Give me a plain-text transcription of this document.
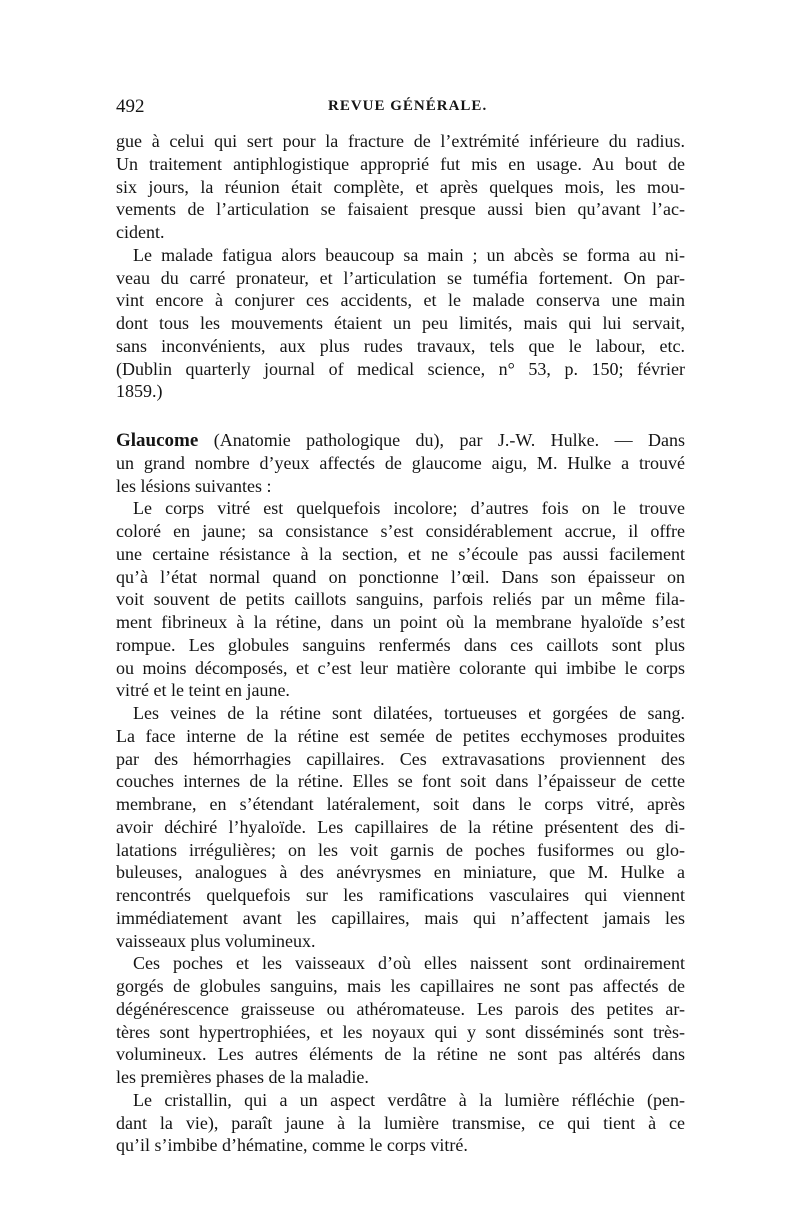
492	REVUE GÉNÉRALE.
gue à celui qui sert pour la fracture de l’extrémité inférieure du radius.
Un traitement antiphlogistique approprié fut mis en usage. Au bout de
six jours, la réunion était complète, et après quelques mois, les mou-
vements de l’articulation se faisaient presque aussi bien qu’avant l’ac-
cident.
Le malade fatigua alors beaucoup sa main ; un abcès se forma au ni-
veau du carré pronateur, et l’articulation se tuméfia fortement. On par-
vint encore à conjurer ces accidents, et le malade conserva une main
dont tous les mouvements étaient un peu limités, mais qui lui servait,
sans inconvénients, aux plus rudes travaux, tels que le labour, etc.
(Dublin quarterly journal of medical science, n° 53, p. 150; février
1859.)
Glaucome (Anatomie pathologique du), par J.-W. Hulke. — Dans
un grand nombre d’yeux affectés de glaucome aigu, M. Hulke a trouvé
les lésions suivantes :
Le corps vitré est quelquefois incolore; d’autres fois on le trouve
coloré en jaune; sa consistance s’est considérablement accrue, il offre
une certaine résistance à la section, et ne s’écoule pas aussi facilement
qu’à l’état normal quand on ponctionne l’œil. Dans son épaisseur on
voit souvent de petits caillots sanguins, parfois reliés par un même fila-
ment fibrineux à la rétine, dans un point où la membrane hyaloïde s’est
rompue. Les globules sanguins renfermés dans ces caillots sont plus
ou moins décomposés, et c’est leur matière colorante qui imbibe le corps
vitré et le teint en jaune.
Les veines de la rétine sont dilatées, tortueuses et gorgées de sang.
La face interne de la rétine est semée de petites ecchymoses produites
par des hémorrhagies capillaires. Ces extravasations proviennent des
couches internes de la rétine. Elles se font soit dans l’épaisseur de cette
membrane, en s’étendant latéralement, soit dans le corps vitré, après
avoir déchiré l’hyaloïde. Les capillaires de la rétine présentent des di-
latations irrégulières; on les voit garnis de poches fusiformes ou glo-
buleuses, analogues à des anévrysmes en miniature, que M. Hulke a
rencontrés quelquefois sur les ramifications vasculaires qui viennent
immédiatement avant les capillaires, mais qui n’affectent jamais les
vaisseaux plus volumineux.
Ces poches et les vaisseaux d’où elles naissent sont ordinairement
gorgés de globules sanguins, mais les capillaires ne sont pas affectés de
dégénérescence graisseuse ou athéromateuse. Les parois des petites ar-
tères sont hypertrophiées, et les noyaux qui y sont disséminés sont très-
volumineux. Les autres éléments de la rétine ne sont pas altérés dans
les premières phases de la maladie.
Le cristallin, qui a un aspect verdâtre à la lumière réfléchie (pen-
dant la vie), paraît jaune à la lumière transmise, ce qui tient à ce
qu’il s’imbibe d’hématine, comme le corps vitré.
